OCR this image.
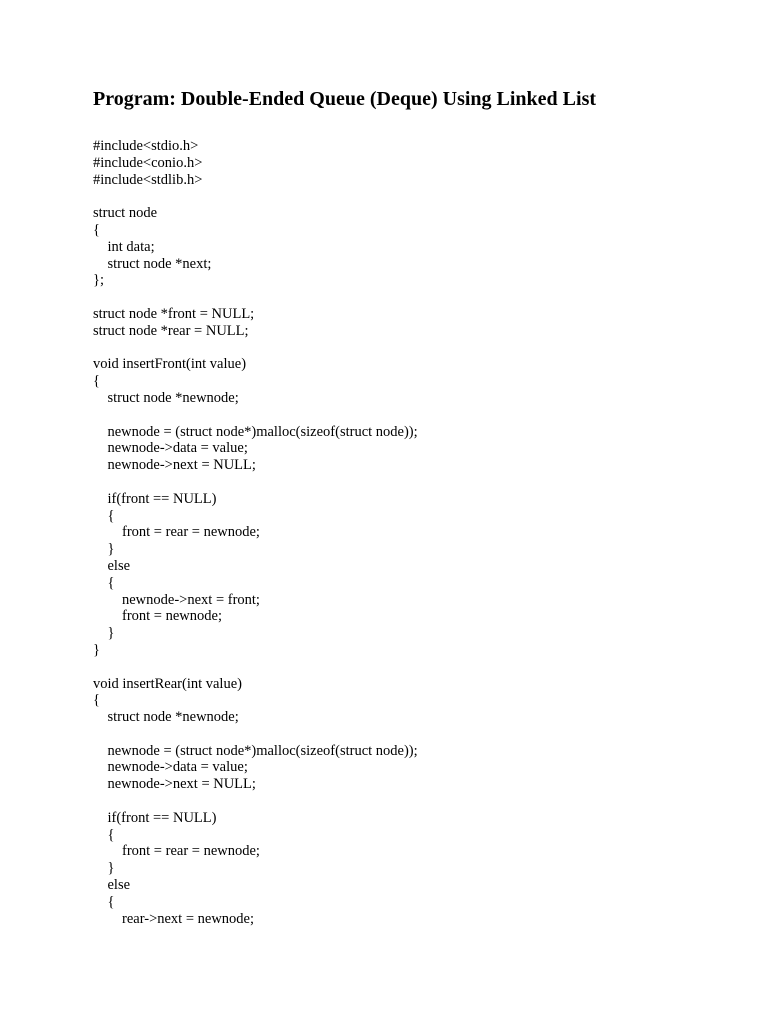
Program: Double-Ended Queue (Deque) Using Linked List
#include<stdio.h>
#include<conio.h>
#include<stdlib.h>
struct node
{
int data;
struct node *next;
};
struct node *front = NULL;
struct node *rear = NULL;
void insertFront(int value)
{
struct node *newnode;
newnode = (struct node*)malloc(sizeof(struct node));
newnode->data = value;
newnode->next = NULL;
if(front == NULL)
{
front = rear = newnode;
}
else
{
newnode->next = front;
front = newnode;
}
}
void insertRear(int value)
{
struct node *newnode;
newnode = (struct node*)malloc(sizeof(struct node));
newnode->data = value;
newnode->next = NULL;
if(front == NULL)
{
front = rear = newnode;
}
else
{
rear->next = newnode;
